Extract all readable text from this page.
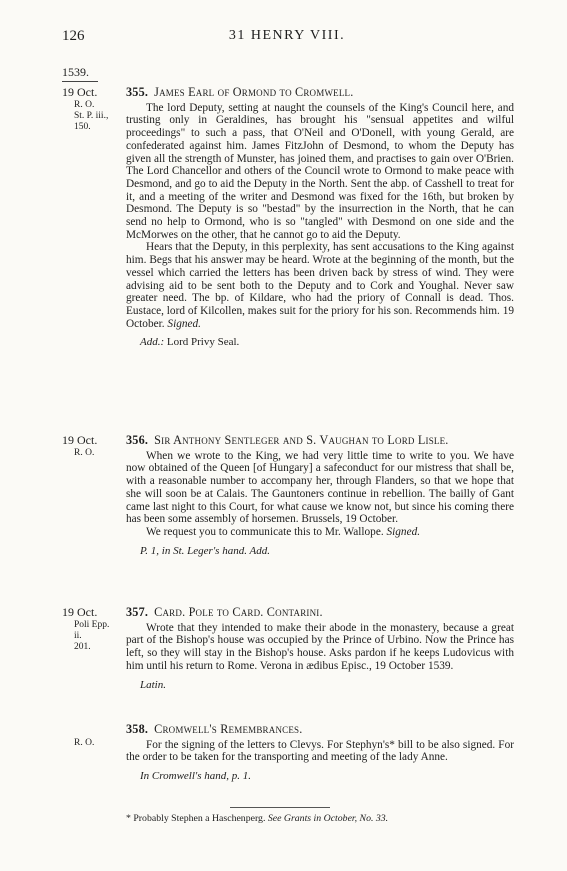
126	31 HENRY VIII.
1539.
19 Oct.
R. O.
St. P. iii.,
150.
355. James Earl of Ormond to Cromwell.

The lord Deputy, setting at naught the counsels of the King's Council here, and trusting only in Geraldines, has brought his "sensual appetites and wilful proceedings" to such a pass, that O'Neil and O'Donell, with young Gerald, are confederated against him. James FitzJohn of Desmond, to whom the Deputy has given all the strength of Munster, has joined them, and practises to gain over O'Brien. The Lord Chancellor and others of the Council wrote to Ormond to make peace with Desmond, and go to aid the Deputy in the North. Sent the abp. of Casshell to treat for it, and a meeting of the writer and Desmond was fixed for the 16th, but broken by Desmond. The Deputy is so "bestad" by the insurrection in the North, that he can send no help to Ormond, who is so "tangled" with Desmond on one side and the McMorwes on the other, that he cannot go to aid the Deputy.

Hears that the Deputy, in this perplexity, has sent accusations to the King against him. Begs that his answer may be heard. Wrote at the beginning of the month, but the vessel which carried the letters has been driven back by stress of wind. They were advising aid to be sent both to the Deputy and to Cork and Youghal. Never saw greater need. The bp. of Kildare, who had the priory of Connall is dead. Thos. Eustace, lord of Kilcollen, makes suit for the priory for his son. Recommends him. 19 October. Signed.

Add.: Lord Privy Seal.

19 Oct.
R. O.
356. Sir Anthony Sentleger and S. Vaughan to Lord Lisle.

When we wrote to the King, we had very little time to write to you. We have now obtained of the Queen [of Hungary] a safeconduct for our mistress that shall be, with a reasonable number to accompany her, through Flanders, so that we hope that she will soon be at Calais. The Gauntoners continue in rebellion. The bailly of Gant came last night to this Court, for what cause we know not, but since his coming there has been some assembly of horsemen. Brussels, 19 October.

We request you to communicate this to Mr. Wallope. Signed.

P. 1, in St. Leger's hand. Add.

19 Oct.
Poli Epp. ii.
201.
357. Card. Pole to Card. Contarini.

Wrote that they intended to make their abode in the monastery, because a great part of the Bishop's house was occupied by the Prince of Urbino. Now the Prince has left, so they will stay in the Bishop's house. Asks pardon if he keeps Ludovicus with him until his return to Rome. Verona in ædibus Episc., 19 October 1539.

Latin.

R. O.
358. Cromwell's Remembrances.

For the signing of the letters to Clevys. For Stephyn's* bill to be also signed. For the order to be taken for the transporting and meeting of the lady Anne.

In Cromwell's hand, p. 1.

* Probably Stephen a Haschenperg. See Grants in October, No. 33.
